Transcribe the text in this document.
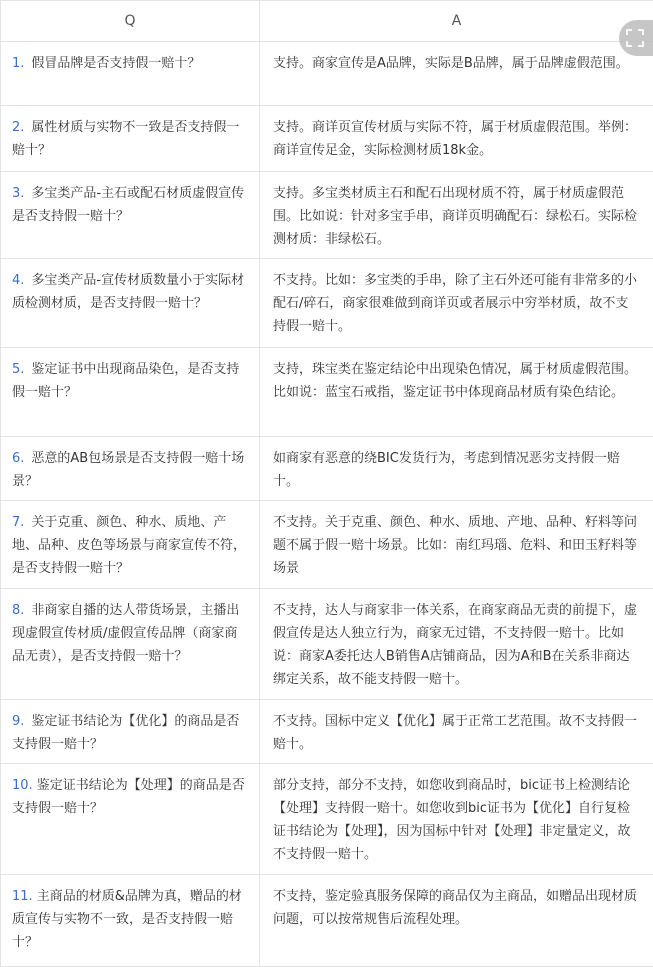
Q	A
1. 假冒品牌是否支持假一赔十？	支持。商家宣传是A品牌，实际是B品牌，属于品牌虚假范围。
2. 属性材质与实物不一致是否支持假一赔十？	支持。商详页宣传材质与实际不符，属于材质虚假范围。举例：商详宣传足金，实际检测材质18k金。
3. 多宝类产品-主石或配石材质虚假宣传是否支持假一赔十？	支持。多宝类材质主石和配石出现材质不符，属于材质虚假范围。比如说：针对多宝手串，商详页明确配石：绿松石。实际检测材质：非绿松石。
4. 多宝类产品-宣传材质数量小于实际材质检测材质，是否支持假一赔十？	不支持。比如：多宝类的手串，除了主石外还可能有非常多的小配石/碎石，商家很难做到商详页或者展示中穷举材质，故不支持假一赔十。
5. 鉴定证书中出现商品染色，是否支持假一赔十？	支持，珠宝类在鉴定结论中出现染色情况，属于材质虚假范围。比如说：蓝宝石戒指，鉴定证书中体现商品材质有染色结论。
6. 恶意的AB包场景是否支持假一赔十场景？	如商家有恶意的绕BIC发货行为，考虑到情况恶劣支持假一赔十。
7. 关于克重、颜色、种水、质地、产地、品种、皮色等场景与商家宣传不符，是否支持假一赔十？	不支持。关于克重、颜色、种水、质地、产地、品种、籽料等问题不属于假一赔十场景。比如：南红玛瑙、危料、和田玉籽料等场景
8. 非商家自播的达人带货场景，主播出现虚假宣传材质/虚假宣传品牌（商家商品无责），是否支持假一赔十？	不支持，达人与商家非一体关系，在商家商品无责的前提下，虚假宣传是达人独立行为，商家无过错，不支持假一赔十。比如说：商家A委托达人B销售A店铺商品，因为A和B在关系非商达绑定关系，故不能支持假一赔十。
9. 鉴定证书结论为【优化】的商品是否支持假一赔十？	不支持。国标中定义【优化】属于正常工艺范围。故不支持假一赔十。
10. 鉴定证书结论为【处理】的商品是否支持假一赔十？	部分支持，部分不支持，如您收到商品时，bic证书上检测结论【处理】支持假一赔十。如您收到bic证书为【优化】自行复检证书结论为【处理】，因为国标中针对【处理】非定量定义，故不支持假一赔十。
11. 主商品的材质&品牌为真，赠品的材质宣传与实物不一致，是否支持假一赔十？	不支持，鉴定验真服务保障的商品仅为主商品，如赠品出现材质问题，可以按常规售后流程处理。
